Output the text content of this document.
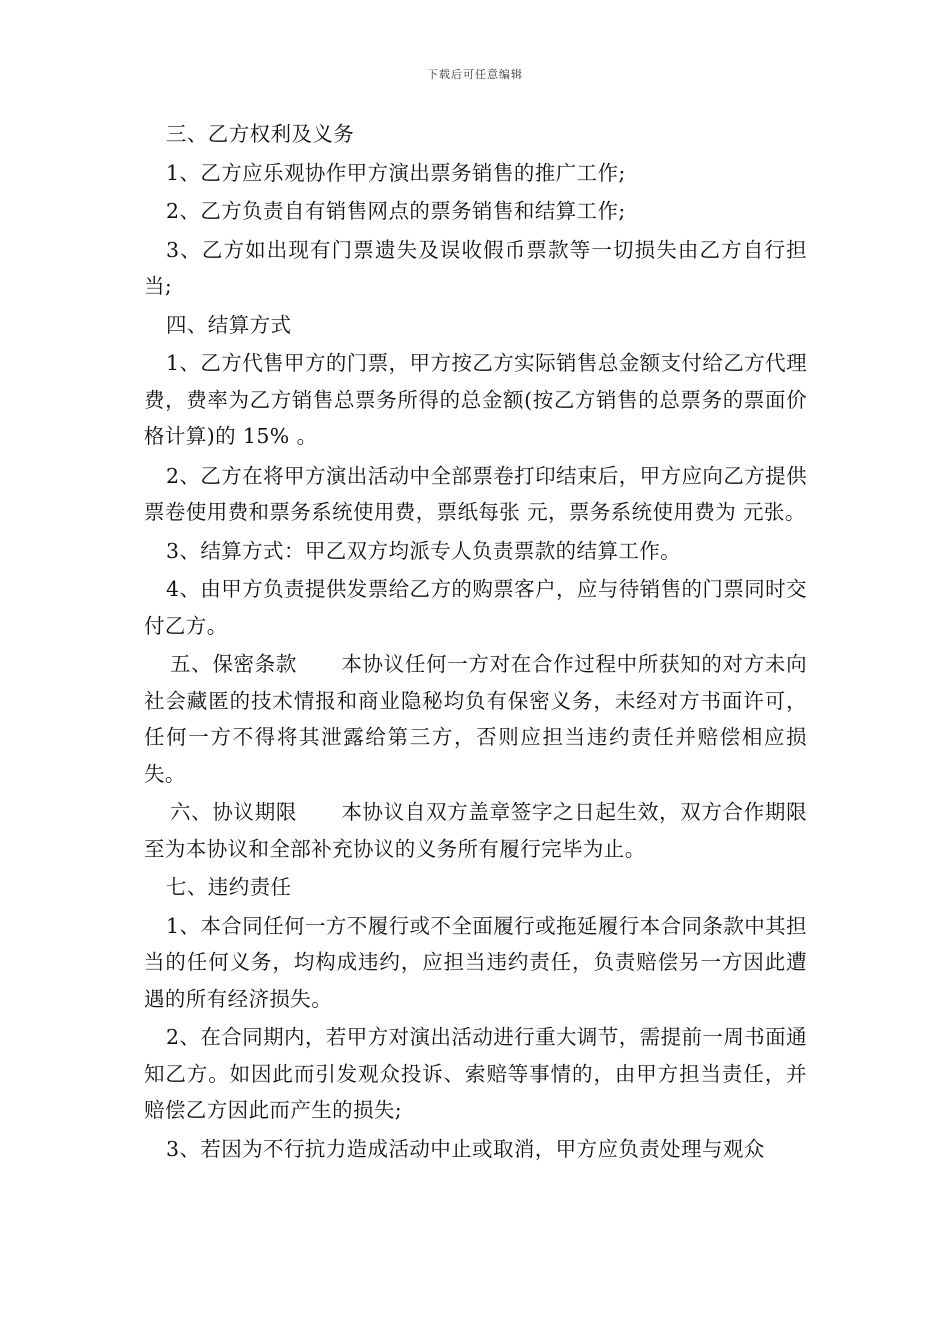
下载后可任意编辑

三、乙方权利及义务

1、乙方应乐观协作甲方演出票务销售的推广工作;

2、乙方负责自有销售网点的票务销售和结算工作;

3、乙方如出现有门票遗失及误收假币票款等一切损失由乙方自行担当;

四、结算方式

1、乙方代售甲方的门票，甲方按乙方实际销售总金额支付给乙方代理费，费率为乙方销售总票务所得的总金额(按乙方销售的总票务的票面价格计算)的 15% 。

2、乙方在将甲方演出活动中全部票卷打印结束后，甲方应向乙方提供票卷使用费和票务系统使用费，票纸每张 元，票务系统使用费为 元张。

3、结算方式：甲乙双方均派专人负责票款的结算工作。

4、由甲方负责提供发票给乙方的购票客户，应与待销售的门票同时交付乙方。

五、保密条款 本协议任何一方对在合作过程中所获知的对方未向社会藏匿的技术情报和商业隐秘均负有保密义务，未经对方书面许可，任何一方不得将其泄露给第三方，否则应担当违约责任并赔偿相应损失。

六、协议期限 本协议自双方盖章签字之日起生效，双方合作期限至为本协议和全部补充协议的义务所有履行完毕为止。

七、违约责任

1、本合同任何一方不履行或不全面履行或拖延履行本合同条款中其担当的任何义务，均构成违约，应担当违约责任，负责赔偿另一方因此遭遇的所有经济损失。

2、在合同期内，若甲方对演出活动进行重大调节，需提前一周书面通知乙方。如因此而引发观众投诉、索赔等事情的，由甲方担当责任，并赔偿乙方因此而产生的损失;

3、若因为不行抗力造成活动中止或取消，甲方应负责处理与观众
